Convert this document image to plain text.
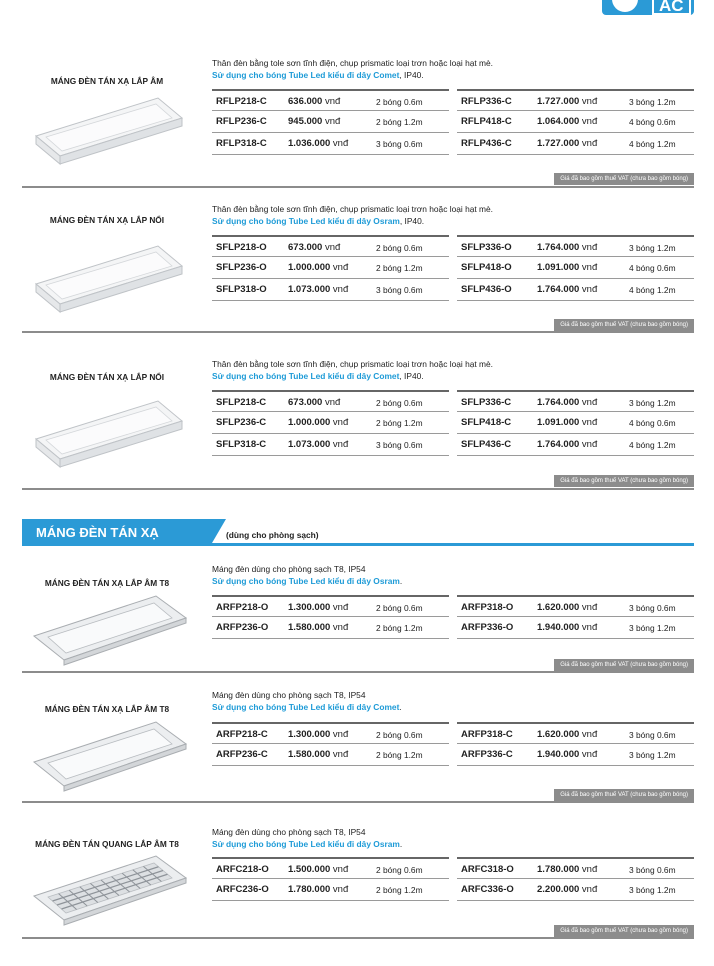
AC
MÁNG ĐÈN TÁN XẠ	(dùng cho phòng sạch)
MÁNG ĐÈN TÁN XẠ LẮP ÂM
Thân đèn bằng tole sơn tĩnh điện, chụp prismatic loại trơn hoặc loại hạt mè.
Sử dụng cho bóng Tube Led kiểu đi dây Comet, IP40.
RFLP218-C 636.000 vnđ	2 bóng 0.6m
RFLP236-C 945.000 vnđ	2 bóng 1.2m
RFLP318-C 1.036.000 vnđ	3 bóng 0.6m
RFLP336-C	1.727.000 vnđ	3 bóng 1.2m
RFLP418-C	1.064.000 vnđ	4 bóng 0.6m
RFLP436-C	1.727.000 vnđ	4 bóng 1.2m
Giá đã bao gồm thuế VAT (chưa bao gồm bóng)
MÁNG ĐÈN TÁN XẠ LẮP NỔI
Thân đèn bằng tole sơn tĩnh điện, chụp prismatic loại trơn hoặc loại hạt mè.
Sử dụng cho bóng Tube Led kiểu đi dây Osram, IP40.
SFLP218-O 673.000 vnđ	2 bóng 0.6m
SFLP236-O 1.000.000 vnđ	2 bóng 1.2m
SFLP318-O 1.073.000 vnđ	3 bóng 0.6m
SFLP336-O	1.764.000 vnđ	3 bóng 1.2m
SFLP418-O	1.091.000 vnđ	4 bóng 0.6m
SFLP436-O	1.764.000 vnđ	4 bóng 1.2m
Giá đã bao gồm thuế VAT (chưa bao gồm bóng)
MÁNG ĐÈN TÁN XẠ LẮP NỔI
Thân đèn bằng tole sơn tĩnh điện, chụp prismatic loại trơn hoặc loại hạt mè.
Sử dụng cho bóng Tube Led kiểu đi dây Comet, IP40.
SFLP218-C 673.000 vnđ	2 bóng 0.6m
SFLP236-C 1.000.000 vnđ	2 bóng 1.2m
SFLP318-C 1.073.000 vnđ	3 bóng 0.6m
SFLP336-C	1.764.000 vnđ	3 bóng 1.2m
SFLP418-C	1.091.000 vnđ	4 bóng 0.6m
SFLP436-C	1.764.000 vnđ	4 bóng 1.2m
Giá đã bao gồm thuế VAT (chưa bao gồm bóng)
MÁNG ĐÈN TÁN XẠ LẮP ÂM T8
Máng đèn dùng cho phòng sạch T8, IP54
Sử dụng cho bóng Tube Led kiểu đi dây Osram.
ARFP218-O 1.300.000 vnđ	2 bóng 0.6m
ARFP236-O 1.580.000 vnđ	2 bóng 1.2m
ARFP318-O 1.620.000 vnđ	3 bóng 0.6m
ARFP336-O 1.940.000 vnđ	3 bóng 1.2m
Giá đã bao gồm thuế VAT (chưa bao gồm bóng)
MÁNG ĐÈN TÁN XẠ LẮP ÂM T8
Máng đèn dùng cho phòng sạch T8, IP54
Sử dụng cho bóng Tube Led kiểu đi dây Comet.
ARFP218-C 1.300.000 vnđ	2 bóng 0.6m
ARFP236-C 1.580.000 vnđ	2 bóng 1.2m
ARFP318-C	1.620.000 vnđ	3 bóng 0.6m
ARFP336-C	1.940.000 vnđ	3 bóng 1.2m
Giá đã bao gồm thuế VAT (chưa bao gồm bóng)
MÁNG ĐÈN TÁN QUANG LẮP ÂM T8
Máng đèn dùng cho phòng sạch T8, IP54
Sử dụng cho bóng Tube Led kiểu đi dây Osram.
ARFC218-O 1.500.000 vnđ	2 bóng 0.6m
ARFC236-O 1.780.000 vnđ	2 bóng 1.2m
ARFC318-O 1.780.000 vnđ	3 bóng 0.6m
ARFC336-O 2.200.000 vnđ	3 bóng 1.2m
Giá đã bao gồm thuế VAT (chưa bao gồm bóng)
